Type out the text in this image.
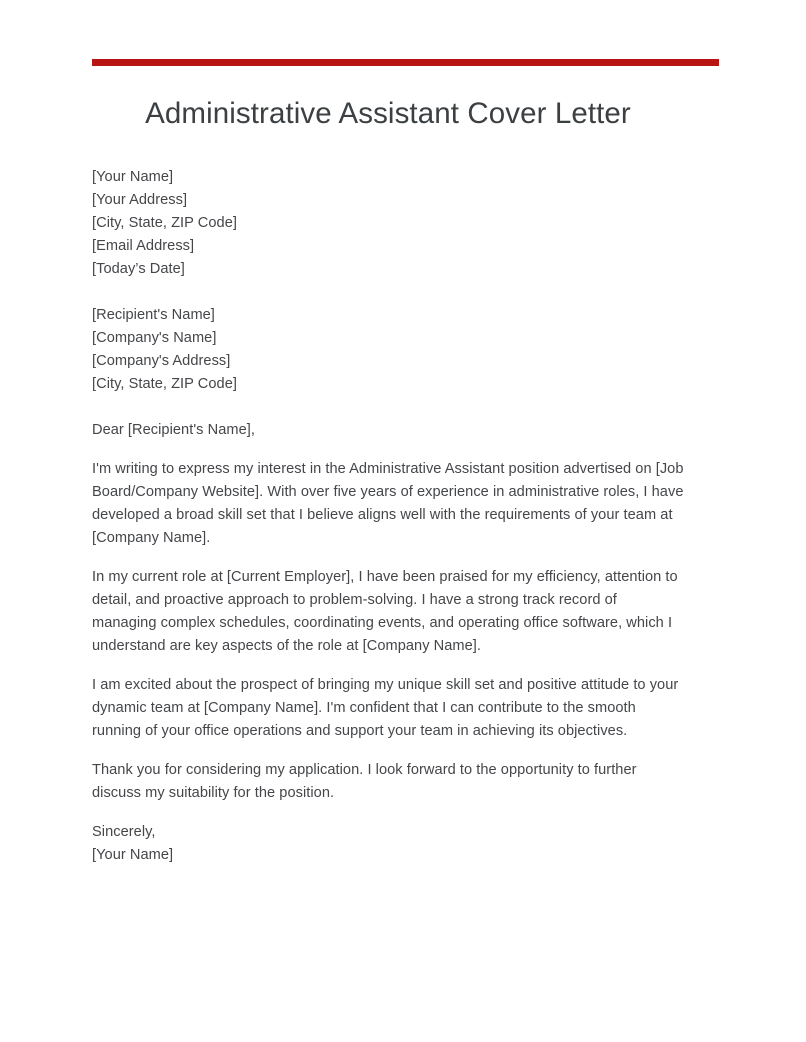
Administrative Assistant Cover Letter

[Your Name]

[Your Address]

[City, State, ZIP Code]

[Email Address]

[Today’s Date]

[Recipient's Name]

[Company's Name]

[Company's Address]

[City, State, ZIP Code]

Dear [Recipient's Name],

I'm writing to express my interest in the Administrative Assistant position advertised on [Job Board/Company Website]. With over five years of experience in administrative roles, I have developed a broad skill set that I believe aligns well with the requirements of your team at [Company Name].

In my current role at [Current Employer], I have been praised for my efficiency, attention to detail, and proactive approach to problem-solving. I have a strong track record of managing complex schedules, coordinating events, and operating office software, which I understand are key aspects of the role at [Company Name].

I am excited about the prospect of bringing my unique skill set and positive attitude to your dynamic team at [Company Name]. I'm confident that I can contribute to the smooth running of your office operations and support your team in achieving its objectives.

Thank you for considering my application. I look forward to the opportunity to further discuss my suitability for the position.

Sincerely,

[Your Name]
